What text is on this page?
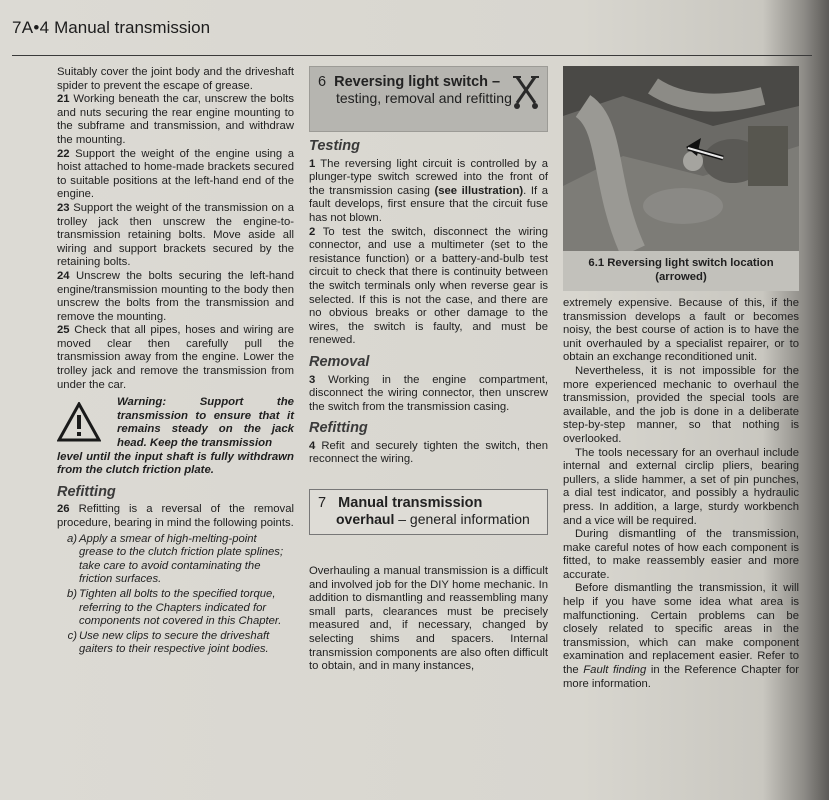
7A•4 Manual transmission

Suitably cover the joint body and the driveshaft spider to prevent the escape of grease.

21 Working beneath the car, unscrew the bolts and nuts securing the rear engine mounting to the subframe and transmission, and withdraw the mounting.

22 Support the weight of the engine using a hoist attached to home-made brackets secured to suitable positions at the left-hand end of the engine.

23 Support the weight of the transmission on a trolley jack then unscrew the engine-to-transmission retaining bolts. Move aside all wiring and support brackets secured by the retaining bolts.

24 Unscrew the bolts securing the left-hand engine/transmission mounting to the body then unscrew the bolts from the transmission and remove the mounting.

25 Check that all pipes, hoses and wiring are moved clear then carefully pull the transmission away from the engine. Lower the trolley jack and remove the transmission from under the car.

Warning: Support the transmission to ensure that it remains steady on the jack head. Keep the transmission
level until the input shaft is fully withdrawn from the clutch friction plate.
Refitting

26 Refitting is a reversal of the removal procedure, bearing in mind the following points.

a) Apply a smear of high-melting-point grease to the clutch friction plate splines; take care to avoid contaminating the friction surfaces.
b) Tighten all bolts to the specified torque, referring to the Chapters indicated for components not covered in this Chapter.
c) Use new clips to secure the driveshaft gaiters to their respective joint bodies.
6 Reversing light switch –
testing, removal and refitting
Testing

1 The reversing light circuit is controlled by a plunger-type switch screwed into the front of the transmission casing (see illustration). If a fault develops, first ensure that the circuit fuse has not blown.

2 To test the switch, disconnect the wiring connector, and use a multimeter (set to the resistance function) or a battery-and-bulb test circuit to check that there is continuity between the switch terminals only when reverse gear is selected. If this is not the case, and there are no obvious breaks or other damage to the wires, the switch is faulty, and must be renewed.

Removal

3 Working in the engine compartment, disconnect the wiring connector, then unscrew the switch from the transmission casing.

Refitting

4 Refit and securely tighten the switch, then reconnect the wiring.

7 Manual transmission
overhaul – general information

Overhauling a manual transmission is a difficult and involved job for the DIY home mechanic. In addition to dismantling and reassembling many small parts, clearances must be precisely measured and, if necessary, changed by selecting shims and spacers. Internal transmission components are also often difficult to obtain, and in many instances,

6.1 Reversing light switch location (arrowed)

extremely expensive. Because of this, if the transmission develops a fault or becomes noisy, the best course of action is to have the unit overhauled by a specialist repairer, or to obtain an exchange reconditioned unit.

Nevertheless, it is not impossible for the more experienced mechanic to overhaul the transmission, provided the special tools are available, and the job is done in a deliberate step-by-step manner, so that nothing is overlooked.

The tools necessary for an overhaul include internal and external circlip pliers, bearing pullers, a slide hammer, a set of pin punches, a dial test indicator, and possibly a hydraulic press. In addition, a large, sturdy workbench and a vice will be required.

During dismantling of the transmission, make careful notes of how each component is fitted, to make reassembly easier and more accurate.

Before dismantling the transmission, it will help if you have some idea what area is malfunctioning. Certain problems can be closely related to specific areas in the transmission, which can make component examination and replacement easier. Refer to the Fault finding in the Reference Chapter for more information.
